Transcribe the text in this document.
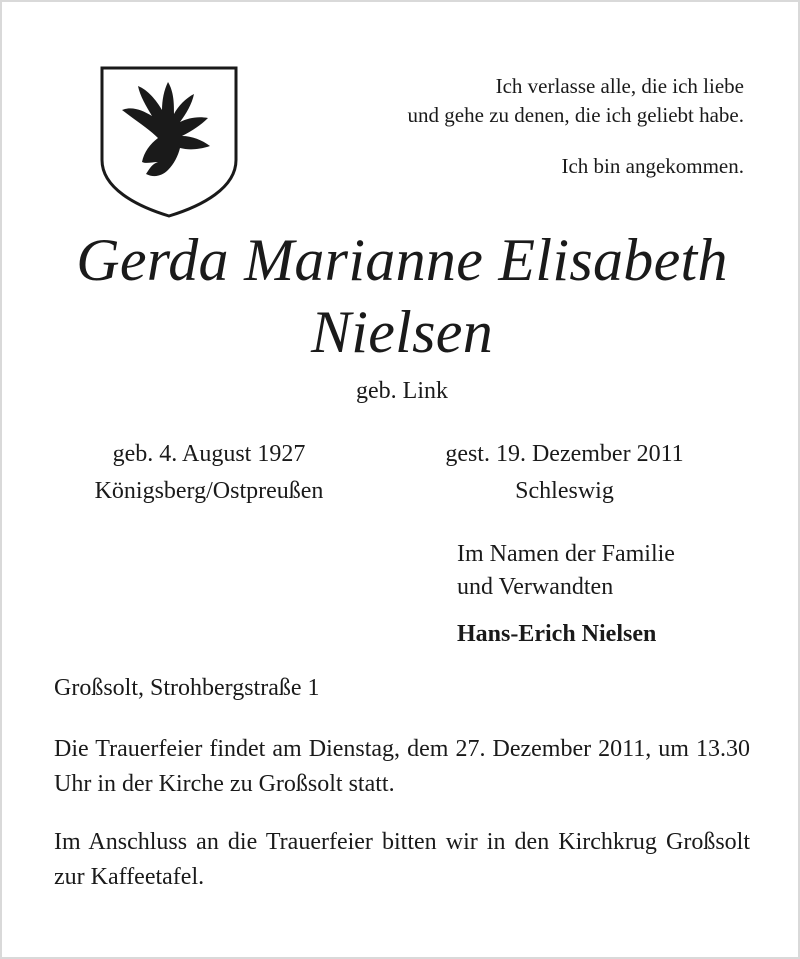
Ich verlasse alle, die ich liebe
und gehe zu denen, die ich geliebt habe.
Ich bin angekommen.
Gerda Marianne Elisabeth
Nielsen
geb. Link
geb. 4. August 1927
Königsberg/Ostpreußen
gest. 19. Dezember 2011
Schleswig
Im Namen der Familie
und Verwandten
Hans-Erich Nielsen
Großsolt, Strohbergstraße 1
Die Trauerfeier findet am Dienstag, dem 27. Dezember 2011, um 13.30 Uhr in der Kirche zu Großsolt statt.
Im Anschluss an die Trauerfeier bitten wir in den Kirchkrug Großsolt zur Kaffeetafel.
